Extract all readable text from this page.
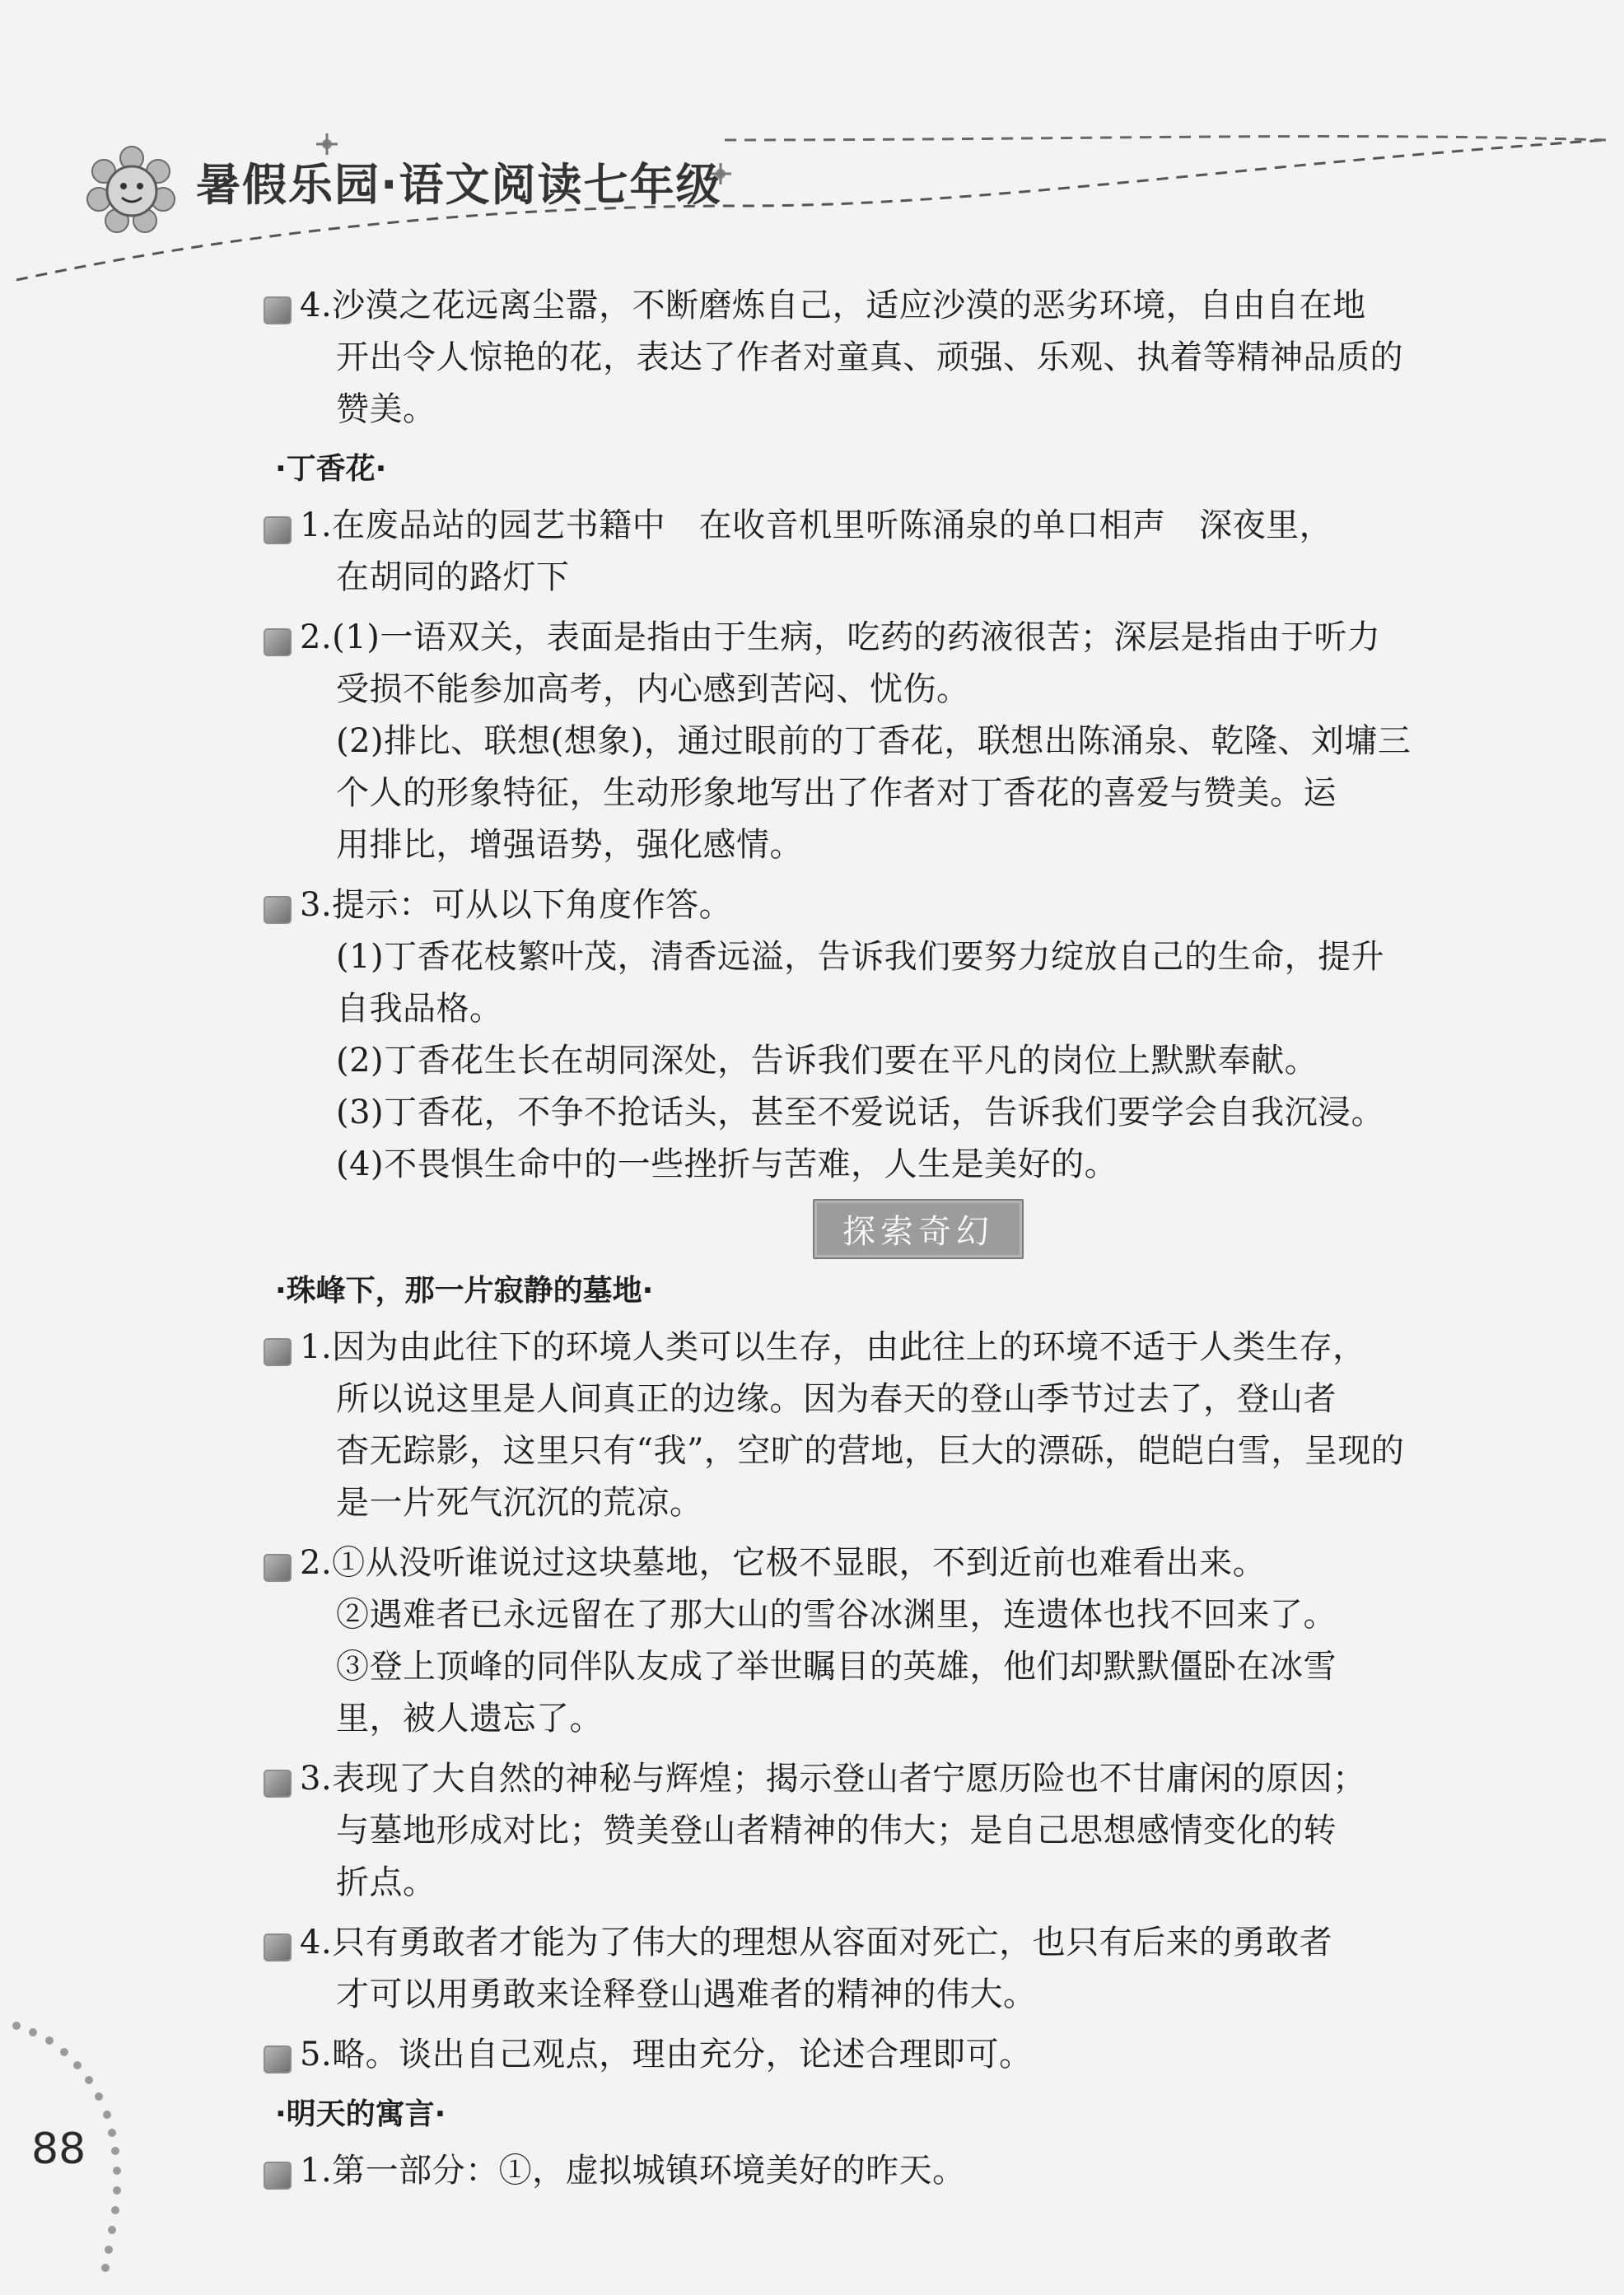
暑假乐园·语文阅读七年级
4.沙漠之花远离尘嚣，不断磨炼自己，适应沙漠的恶劣环境，自由自在地
开出令人惊艳的花，表达了作者对童真、顽强、乐观、执着等精神品质的
赞美。
·丁香花·
1.在废品站的园艺书籍中　在收音机里听陈涌泉的单口相声　深夜里，
在胡同的路灯下
2.(1)一语双关，表面是指由于生病，吃药的药液很苦；深层是指由于听力
受损不能参加高考，内心感到苦闷、忧伤。
(2)排比、联想(想象)，通过眼前的丁香花，联想出陈涌泉、乾隆、刘墉三
个人的形象特征，生动形象地写出了作者对丁香花的喜爱与赞美。运
用排比，增强语势，强化感情。
3.提示：可从以下角度作答。
(1)丁香花枝繁叶茂，清香远溢，告诉我们要努力绽放自己的生命，提升
自我品格。
(2)丁香花生长在胡同深处，告诉我们要在平凡的岗位上默默奉献。
(3)丁香花，不争不抢话头，甚至不爱说话，告诉我们要学会自我沉浸。
(4)不畏惧生命中的一些挫折与苦难，人生是美好的。
探索奇幻
·珠峰下，那一片寂静的墓地·
1.因为由此往下的环境人类可以生存，由此往上的环境不适于人类生存，
所以说这里是人间真正的边缘。因为春天的登山季节过去了，登山者
杳无踪影，这里只有“我”，空旷的营地，巨大的漂砾，皑皑白雪，呈现的
是一片死气沉沉的荒凉。
2.①从没听谁说过这块墓地，它极不显眼，不到近前也难看出来。
②遇难者已永远留在了那大山的雪谷冰渊里，连遗体也找不回来了。
③登上顶峰的同伴队友成了举世瞩目的英雄，他们却默默僵卧在冰雪
里，被人遗忘了。
3.表现了大自然的神秘与辉煌；揭示登山者宁愿历险也不甘庸闲的原因；
与墓地形成对比；赞美登山者精神的伟大；是自己思想感情变化的转
折点。
4.只有勇敢者才能为了伟大的理想从容面对死亡，也只有后来的勇敢者
才可以用勇敢来诠释登山遇难者的精神的伟大。
5.略。谈出自己观点，理由充分，论述合理即可。
·明天的寓言·
1.第一部分：①，虚拟城镇环境美好的昨天。
88
